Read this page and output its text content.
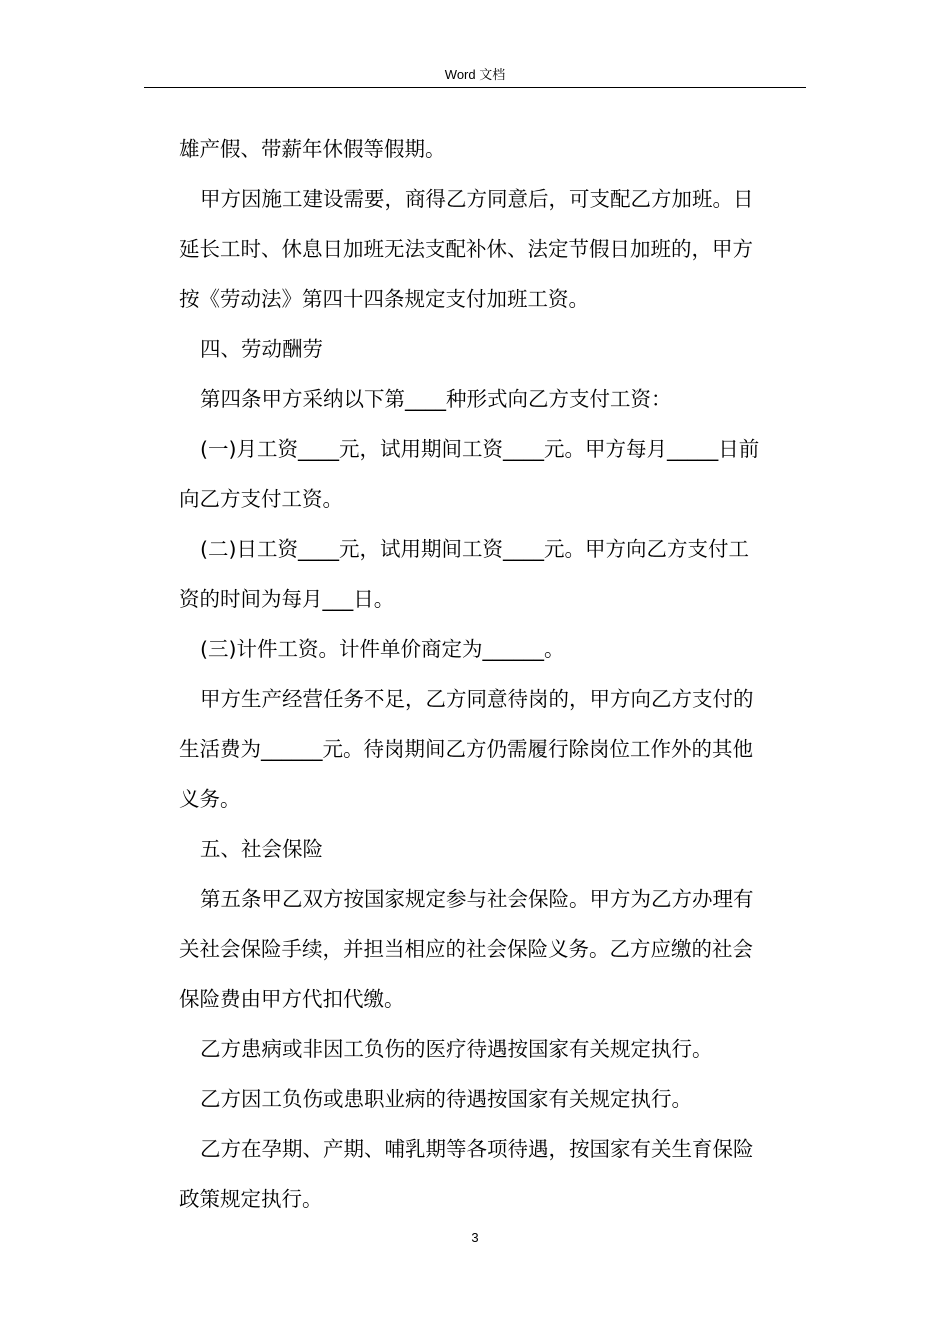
Word 文档
雄产假、带薪年休假等假期。
甲方因施工建设需要，商得乙方同意后，可支配乙方加班。日
延长工时、休息日加班无法支配补休、法定节假日加班的，甲方
按《劳动法》第四十四条规定支付加班工资。
四、劳动酬劳
第四条甲方采纳以下第____种形式向乙方支付工资：
(一)月工资____元，试用期间工资____元。甲方每月_____日前
向乙方支付工资。
(二)日工资____元，试用期间工资____元。甲方向乙方支付工
资的时间为每月___日。
(三)计件工资。计件单价商定为______。
甲方生产经营任务不足，乙方同意待岗的，甲方向乙方支付的
生活费为______元。待岗期间乙方仍需履行除岗位工作外的其他
义务。
五、社会保险
第五条甲乙双方按国家规定参与社会保险。甲方为乙方办理有
关社会保险手续，并担当相应的社会保险义务。乙方应缴的社会
保险费由甲方代扣代缴。
乙方患病或非因工负伤的医疗待遇按国家有关规定执行。
乙方因工负伤或患职业病的待遇按国家有关规定执行。
乙方在孕期、产期、哺乳期等各项待遇，按国家有关生育保险
政策规定执行。
3
